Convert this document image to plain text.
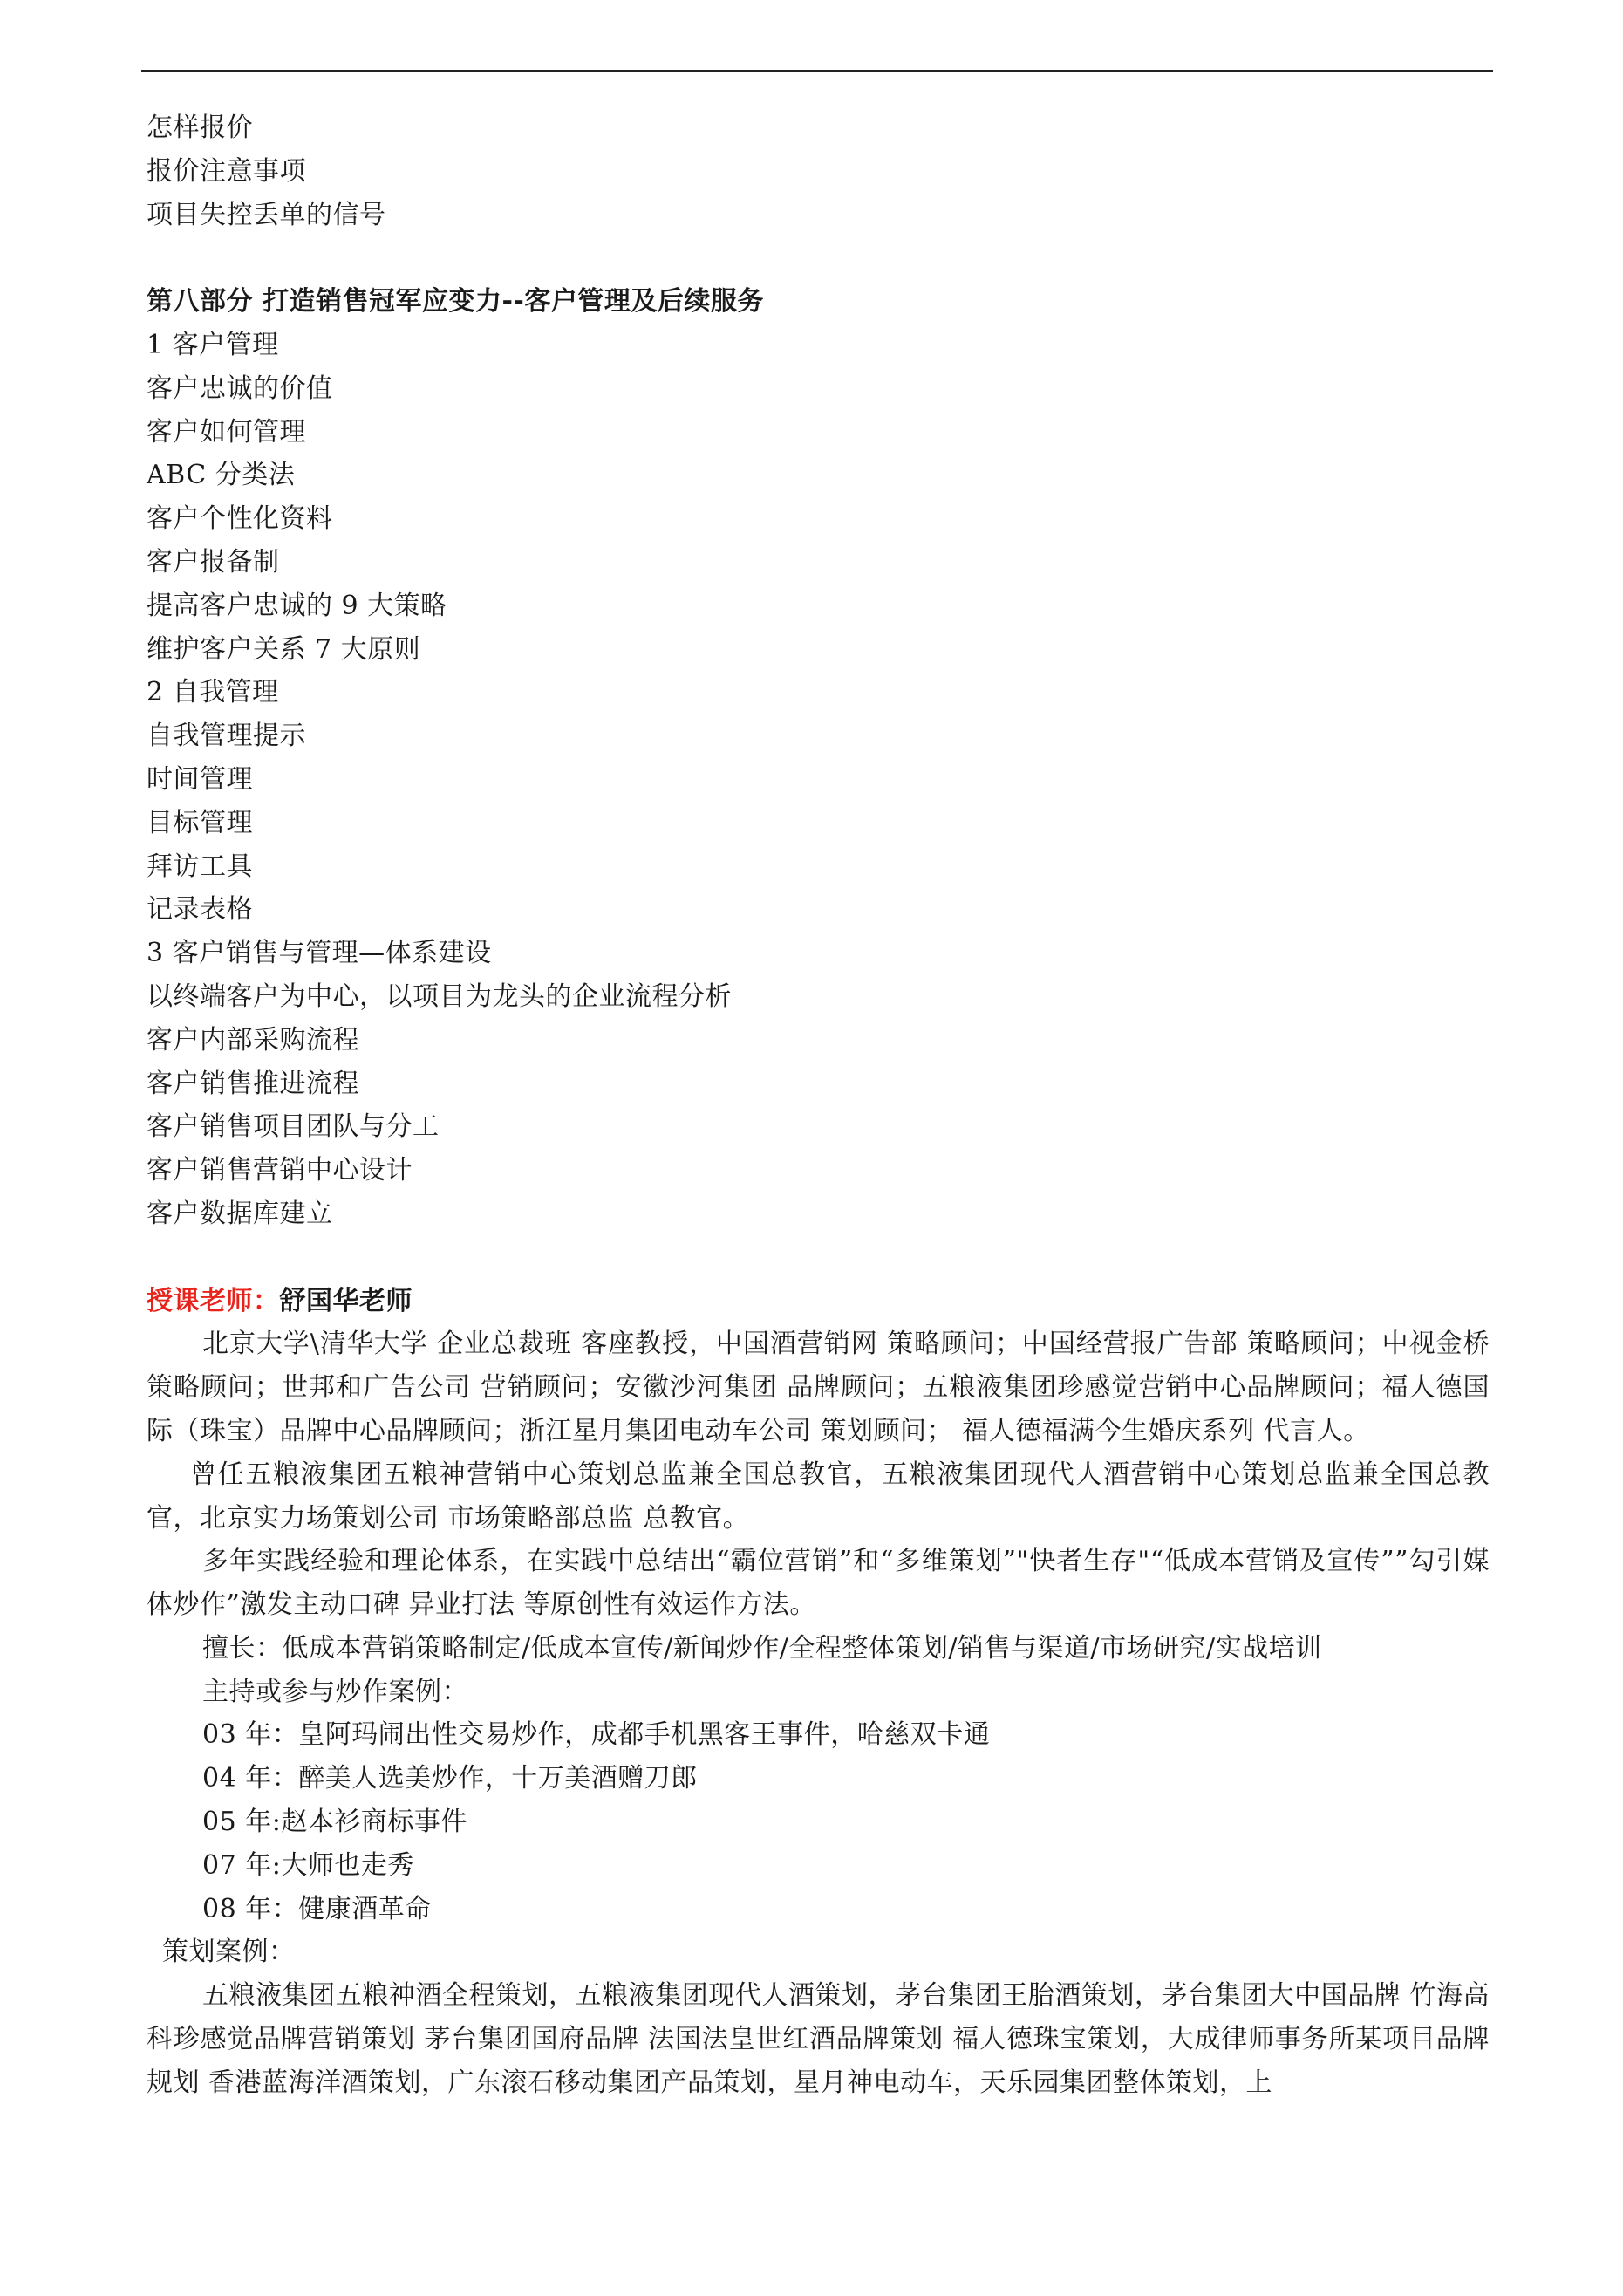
怎样报价
报价注意事项
项目失控丢单的信号
第八部分 打造销售冠军应变力--客户管理及后续服务
1 客户管理
客户忠诚的价值
客户如何管理
ABC 分类法
客户个性化资料
客户报备制
提高客户忠诚的 9 大策略
维护客户关系 7 大原则
2 自我管理
自我管理提示
时间管理
目标管理
拜访工具
记录表格
3 客户销售与管理—体系建设
以终端客户为中心，以项目为龙头的企业流程分析
客户内部采购流程
客户销售推进流程
客户销售项目团队与分工
客户销售营销中心设计
客户数据库建立
授课老师：舒国华老师
北京大学\清华大学 企业总裁班 客座教授，中国酒营销网 策略顾问；中国经营报广告部 策略顾问；中视金桥 策略顾问；世邦和广告公司 营销顾问；安徽沙河集团 品牌顾问；五粮液集团珍感觉营销中心品牌顾问；福人德国际（珠宝）品牌中心品牌顾问；浙江星月集团电动车公司 策划顾问； 福人德福满今生婚庆系列 代言人。
曾任五粮液集团五粮神营销中心策划总监兼全国总教官，五粮液集团现代人酒营销中心策划总监兼全国总教官，北京实力场策划公司 市场策略部总监 总教官。
多年实践经验和理论体系，在实践中总结出“霸位营销”和“多维策划”"快者生存"“低成本营销及宣传””勾引媒体炒作”激发主动口碑 异业打法 等原创性有效运作方法。
擅长：低成本营销策略制定/低成本宣传/新闻炒作/全程整体策划/销售与渠道/市场研究/实战培训
主持或参与炒作案例：
03 年：皇阿玛闹出性交易炒作，成都手机黑客王事件，哈慈双卡通
04 年：醉美人选美炒作，十万美酒赠刀郎
05 年:赵本衫商标事件
07 年:大师也走秀
08 年：健康酒革命
策划案例：
五粮液集团五粮神酒全程策划，五粮液集团现代人酒策划，茅台集团王胎酒策划，茅台集团大中国品牌 竹海高科珍感觉品牌营销策划 茅台集团国府品牌 法国法皇世红酒品牌策划 福人德珠宝策划，大成律师事务所某项目品牌规划 香港蓝海洋酒策划，广东滚石移动集团产品策划，星月神电动车，天乐园集团整体策划，上
